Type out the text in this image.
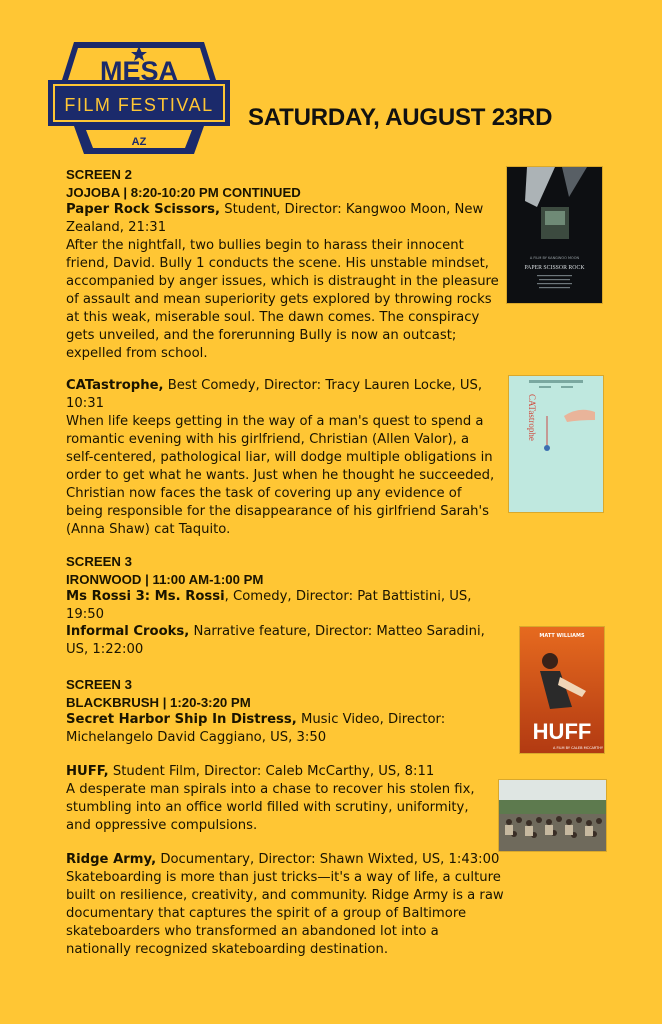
MESA
FILM FESTIVAL
AZ
SATURDAY, AUGUST 23RD
SCREEN 2
JOJOBA | 8:20-10:20 PM CONTINUED

Paper Rock Scissors, Student, Director: Kangwoo Moon, New Zealand, 21:31

After the nightfall, two bullies begin to harass their innocent friend, David. Bully 1 conducts the scene. His unstable mindset, accompanied by anger issues, which is distraught in the pleasure of assault and mean superiority gets explored by throwing rocks at this weak, miserable soul. The dawn comes. The conspiracy gets unveiled, and the forerunning Bully is now an outcast; expelled from school.

CATastrophe, Best Comedy, Director: Tracy Lauren Locke, US, 10:31

When life keeps getting in the way of a man's quest to spend a romantic evening with his girlfriend, Christian (Allen Valor), a self-centered, pathological liar, will dodge multiple obligations in order to get what he wants. Just when he thought he succeeded, Christian now faces the task of covering up any evidence of being responsible for the disappearance of his girlfriend Sarah's (Anna Shaw) cat Taquito.

SCREEN 3
IRONWOOD | 11:00 AM-1:00 PM

Ms Rossi 3: Ms. Rossi, Comedy, Director: Pat Battistini, US, 19:50

Informal Crooks, Narrative feature, Director: Matteo Saradini, US, 1:22:00

SCREEN 3
BLACKBRUSH | 1:20-3:20 PM

Secret Harbor Ship In Distress, Music Video, Director: Michelangelo David Caggiano, US, 3:50

HUFF, Student Film, Director: Caleb McCarthy, US, 8:11

A desperate man spirals into a chase to recover his stolen fix, stumbling into an office world filled with scrutiny, uniformity, and oppressive compulsions.

Ridge Army, Documentary, Director: Shawn Wixted, US, 1:43:00

Skateboarding is more than just tricks—it's a way of life, a culture built on resilience, creativity, and community. Ridge Army is a raw documentary that captures the spirit of a group of Baltimore skateboarders who transformed an abandoned lot into a nationally recognized skateboarding destination.

A FILM BY KANGWOO MOON
PAPER SCISSOR ROCK
CATastrophe
MATT WILLIAMS
HUFF
A FILM BY CALEB MCCARTHY
